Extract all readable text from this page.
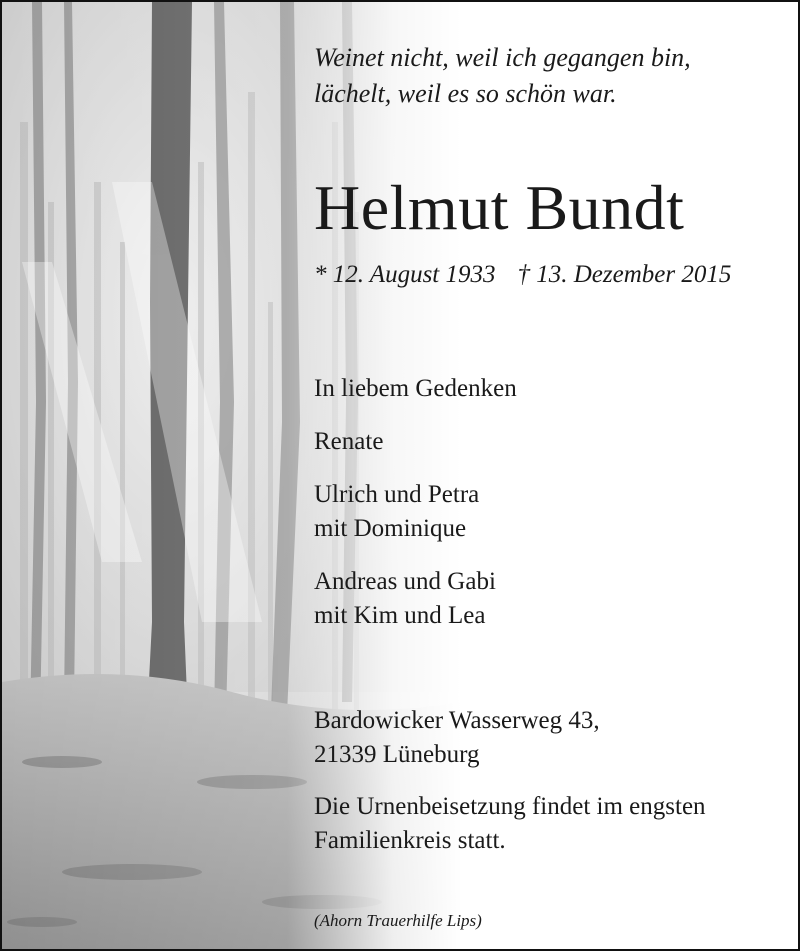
Weinet nicht, weil ich gegangen bin,
lächelt, weil es so schön war.
Helmut Bundt
* 12. August 1933 † 13. Dezember 2015
In liebem Gedenken
Renate
Ulrich und Petra
mit Dominique
Andreas und Gabi
mit Kim und Lea
Bardowicker Wasserweg 43,
21339 Lüneburg
Die Urnenbeisetzung findet im engsten
Familienkreis statt.
(Ahorn Trauerhilfe Lips)
